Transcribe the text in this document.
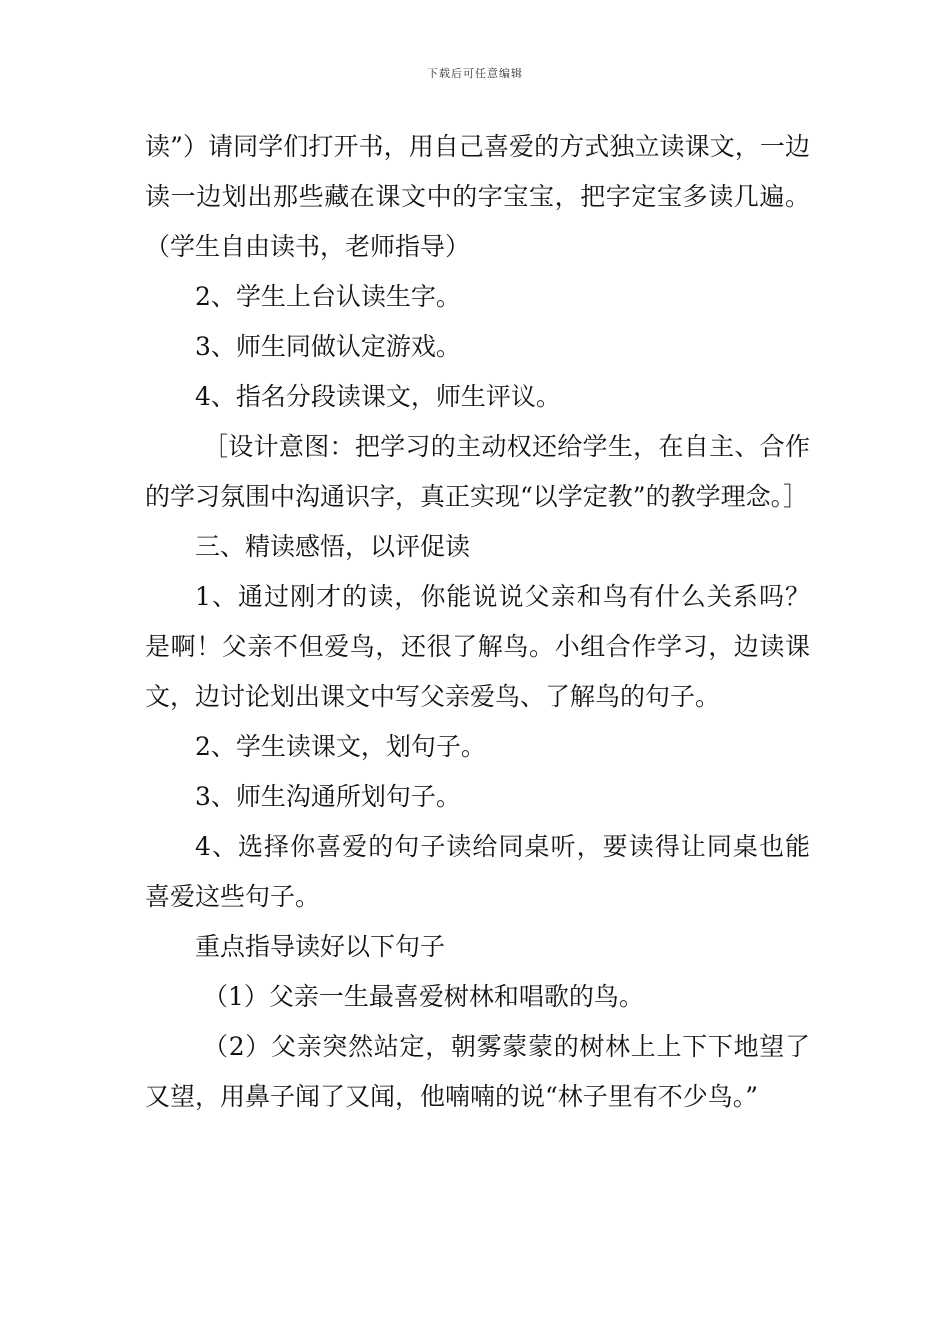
下载后可任意编辑

读”）请同学们打开书，用自己喜爱的方式独立读课文，一边读一边划出那些藏在课文中的字宝宝，把字定宝多读几遍。（学生自由读书，老师指导）

2、学生上台认读生字。

3、师生同做认定游戏。

4、指名分段读课文，师生评议。

［设计意图：把学习的主动权还给学生，在自主、合作的学习氛围中沟通识字，真正实现“以学定教”的教学理念。］

三、精读感悟，以评促读

1、通过刚才的读，你能说说父亲和鸟有什么关系吗？是啊！父亲不但爱鸟，还很了解鸟。小组合作学习，边读课文，边讨论划出课文中写父亲爱鸟、了解鸟的句子。

2、学生读课文，划句子。

3、师生沟通所划句子。

4、选择你喜爱的句子读给同桌听，要读得让同桌也能喜爱这些句子。

重点指导读好以下句子

（1）父亲一生最喜爱树林和唱歌的鸟。

（2）父亲突然站定，朝雾蒙蒙的树林上上下下地望了又望，用鼻子闻了又闻，他喃喃的说“林子里有不少鸟。”
